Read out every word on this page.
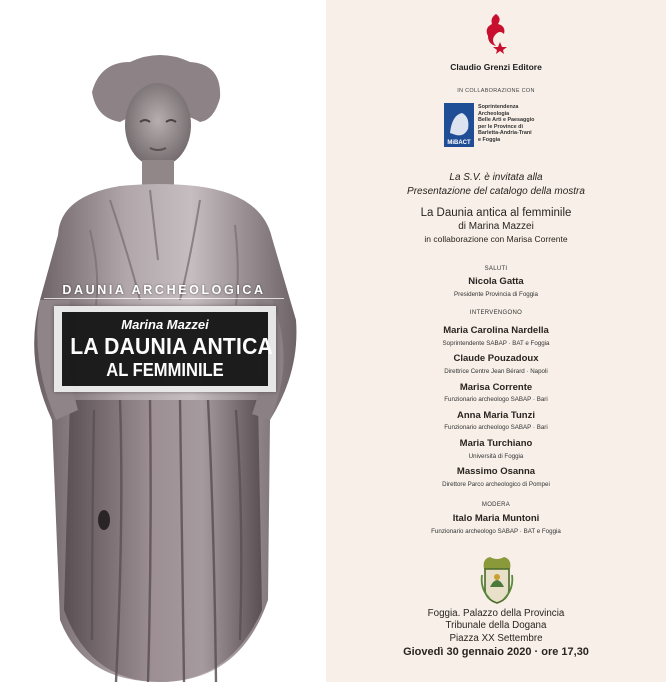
DAUNIA ARCHEOLOGICA
Marina Mazzei
LA DAUNIA ANTICA
AL FEMMINILE
Claudio Grenzi Editore
IN COLLABORAZIONE CON
MiBACT
Soprintendenza
Archeologia
Belle Arti e Paesaggio
per le Province di
Barletta-Andria-Trani
e Foggia
La S.V. è invitata alla
Presentazione del catalogo della mostra
La Daunia antica al femminile
di Marina Mazzei
in collaborazione con Marisa Corrente
SALUTI
Nicola Gatta
Presidente Provincia di Foggia
INTERVENGONO
Maria Carolina Nardella
Soprintendente SABAP · BAT e Foggia
Claude Pouzadoux
Direttrice Centre Jean Bérard · Napoli
Marisa Corrente
Funzionario archeologo SABAP · Bari
Anna Maria Tunzi
Funzionario archeologo SABAP · Bari
Maria Turchiano
Università di Foggia
Massimo Osanna
Direttore Parco archeologico di Pompei
MODERA
Italo Maria Muntoni
Funzionario archeologo SABAP · BAT e Foggia
Foggia. Palazzo della Provincia
Tribunale della Dogana
Piazza XX Settembre
Giovedì 30 gennaio 2020 · ore 17,30
